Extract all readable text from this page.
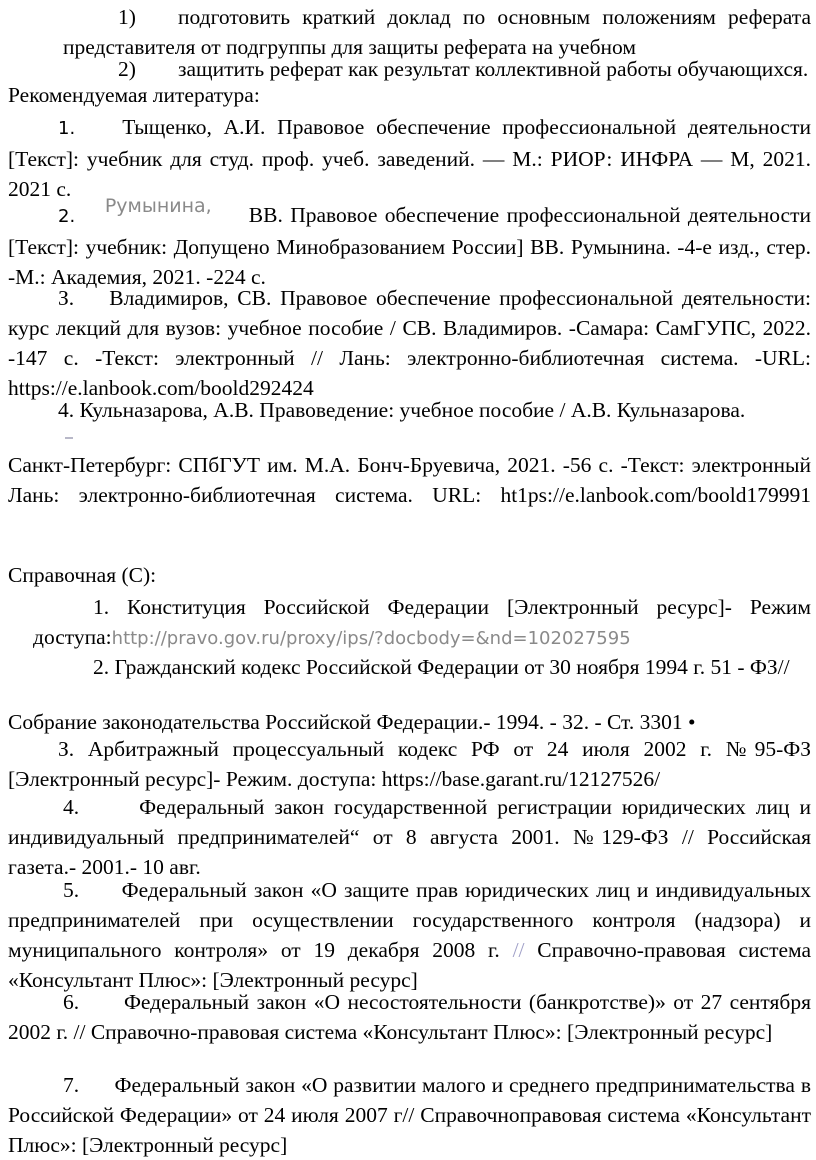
1) подготовить краткий доклад по основным положениям реферата

представителя от подгруппы для защиты реферата на учебном

2) защитить реферат как результат коллективной работы обучающихся.

Рекомендуемая литература:

1. Тыщенко, А.И. Правовое обеспечение профессиональной деятельности [Текст]: учебник для студ. проф. учеб. заведений. — М.: РИОР: ИНФРА — М, 2021. 2021 с.

2. Румынина, ВВ. Правовое обеспечение профессиональной деятельности [Текст]: учебник: Допущено Минобразованием России] ВВ. Румынина. -4-е изд., стер. -М.: Академия, 2021. -224 с.

З. Владимиров, СВ. Правовое обеспечение профессиональной деятельности: курс лекций для вузов: учебное пособие / СВ. Владимиров. -Самара: СамГУПС, 2022. -147 с. -Текст: электронный // Лань: электронно-библиотечная система. -URL: https://e.lanbook.com/boold292424

4. Кульназарова, А.В. Правоведение: учебное пособие / А.В. Кульназарова.

Санкт-Петербург: СПбГУТ им. М.А. Бонч-Бруевича, 2021. -56 с. -Текст: электронный Лань: электронно-библиотечная система. URL: ht1ps://e.lanbook.com/boold179991

Справочная (С):

1. Конституция Российской Федерации [Электронный ресурс]- Режим доступа:http://pravo.gov.ru/proxy/ips/?docbody=&nd=102027595

2. Гражданский кодекс Российской Федерации от 30 ноября 1994 г. 51 - ФЗ//

Собрание законодательства Российской Федерации.- 1994. - 32. - Ст. 3301 •

З. Арбитражный процессуальный кодекс РФ от 24 июля 2002 г. №95-ФЗ [Электронный ресурс]- Режим. доступа: https://base.garant.ru/12127526/

4.	Федеральный закон государственной регистрации юридических лиц и индивидуальный предпринимателей“ от 8 августа 2001. №129-ФЗ // Российская газета.- 2001.- 10 авг.

5. Федеральный закон «О защите прав юридических лиц и индивидуальных предпринимателей при осуществлении государственного контроля (надзора) и муниципального контроля» от 19 декабря 2008 г. // Справочно-правовая система «Консультант Плюс»: [Электронный ресурс]

6. Федеральный закон «О несостоятельности (банкротстве)» от 27 сентября 2002 г. // Справочно-правовая система «Консультант Плюс»: [Электронный ресурс]

7. Федеральный закон «О развитии малого и среднего предпринимательства в Российской Федерации» от 24 июля 2007 г// Справочноправовая система «Консультант Плюс»: [Электронный ресурс]
